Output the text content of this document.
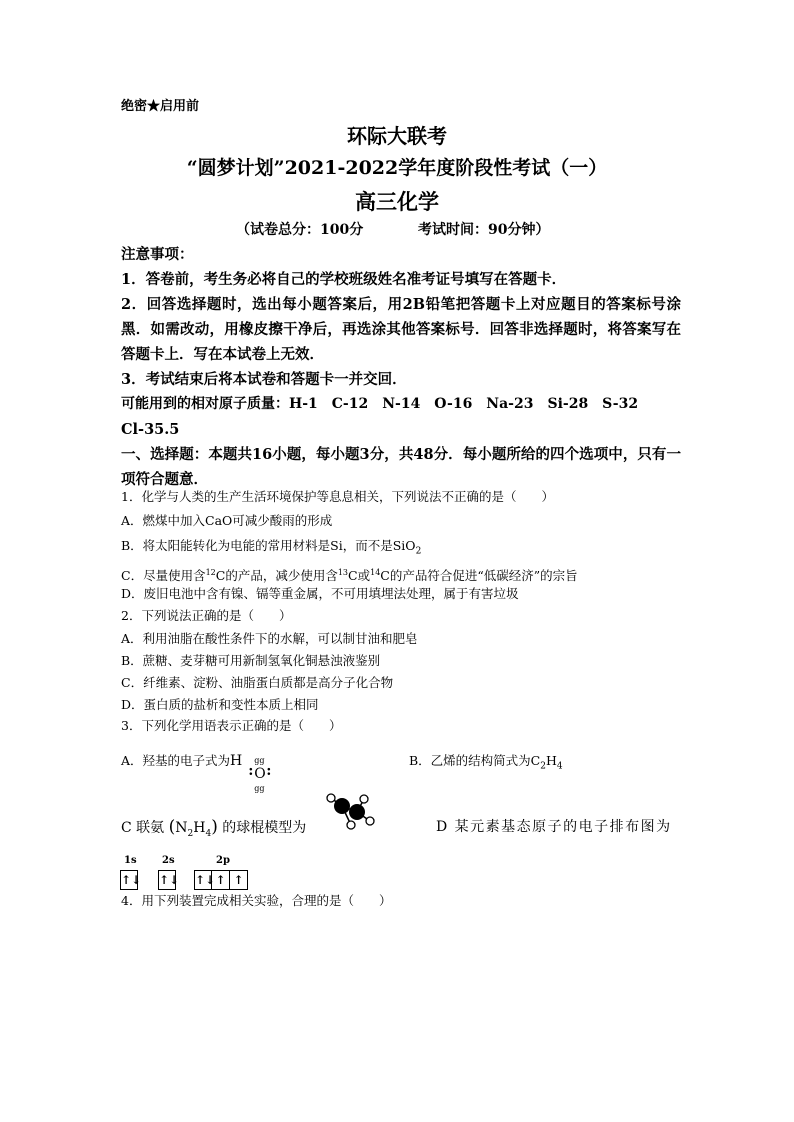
绝密★启用前
环际大联考
“圆梦计划”2021-2022学年度阶段性考试（一）
高三化学
（试卷总分：100分	考试时间：90分钟）
注意事项：
1．答卷前，考生务必将自己的学校班级姓名准考证号填写在答题卡．
2．回答选择题时，选出每小题答案后，用2B铅笔把答题卡上对应题目的答案标号涂黑．如需改动，用橡皮擦干净后，再选涂其他答案标号．回答非选择题时，将答案写在答题卡上．写在本试卷上无效．
3．考试结束后将本试卷和答题卡一并交回．
可能用到的相对原子质量：H-1　C-12　N-14　O-16　Na-23　Si-28　S-32
Cl-35.5
一、选择题：本题共16小题，每小题3分，共48分．每小题所给的四个选项中，只有一项符合题意．
1．化学与人类的生产生活环境保护等息息相关，下列说法不正确的是（　　）
A．燃煤中加入CaO可减少酸雨的形成
B．将太阳能转化为电能的常用材料是Si，而不是SiO$_2$
C．尽量使用含$^{12}$C的产品，减少使用含$^{13}$C或$^{14}$C的产品符合促进“低碳经济”的宗旨
D．废旧电池中含有镍、镉等重金属，不可用填埋法处理，属于有害垃圾
2．下列说法正确的是（　　）
A．利用油脂在酸性条件下的水解，可以制甘油和肥皂
B．蔗糖、麦芽糖可用新制氢氧化铜悬浊液鉴别
C．纤维素、淀粉、油脂蛋白质都是高分子化合物
D．蛋白质的盐析和变性本质上相同
3．下列化学用语表示正确的是（　　）
A．羟基的电子式为H
: O
gg
gg
:
B．乙烯的结构简式为$C_2H_4$
C 联氨 $(N_2H_4)$ 的球棍模型为	D 某元素基态原子的电子排布图为
1s
↑↓
2s
↑↓
2p
↑↓↑ ↑
4．用下列装置完成相关实验，合理的是（　　）
